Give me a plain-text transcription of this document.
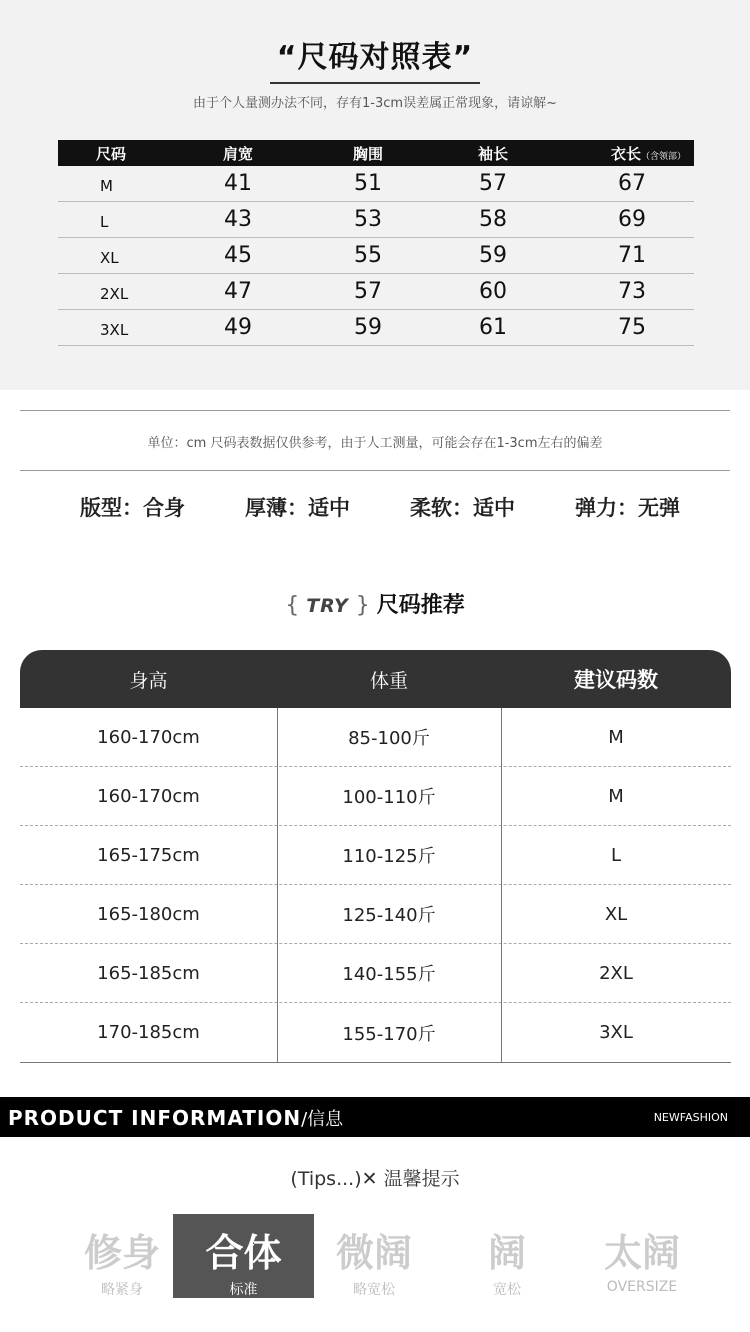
“尺码对照表”
由于个人量测办法不同，存有1-3cm误差属正常现象，请谅解~
尺码	肩宽	胸围	袖长	衣长（含领部）
M	41	51	57	67
L	43	53	58	69
XL	45	55	59	71
2XL	47	57	60	73
3XL	49	59	61	75
单位：cm 尺码表数据仅供参考，由于人工测量，可能会存在1-3cm左右的偏差
版型：合身	厚薄：适中	柔软：适中	弹力：无弹
{ TRY } 尺码推荐
身高	体重	建议码数
160-170cm	85-100斤	M
160-170cm	100-110斤	M
165-175cm	110-125斤	L
165-180cm	125-140斤	XL
165-185cm	140-155斤	2XL
170-185cm	155-170斤	3XL
PRODUCT INFORMATION/信息	NEWFASHION
(Tips...)✕ 温馨提示
修身
略紧身
合体
标准
微阔
略宽松
阔
宽松
太阔
OVERSIZE
